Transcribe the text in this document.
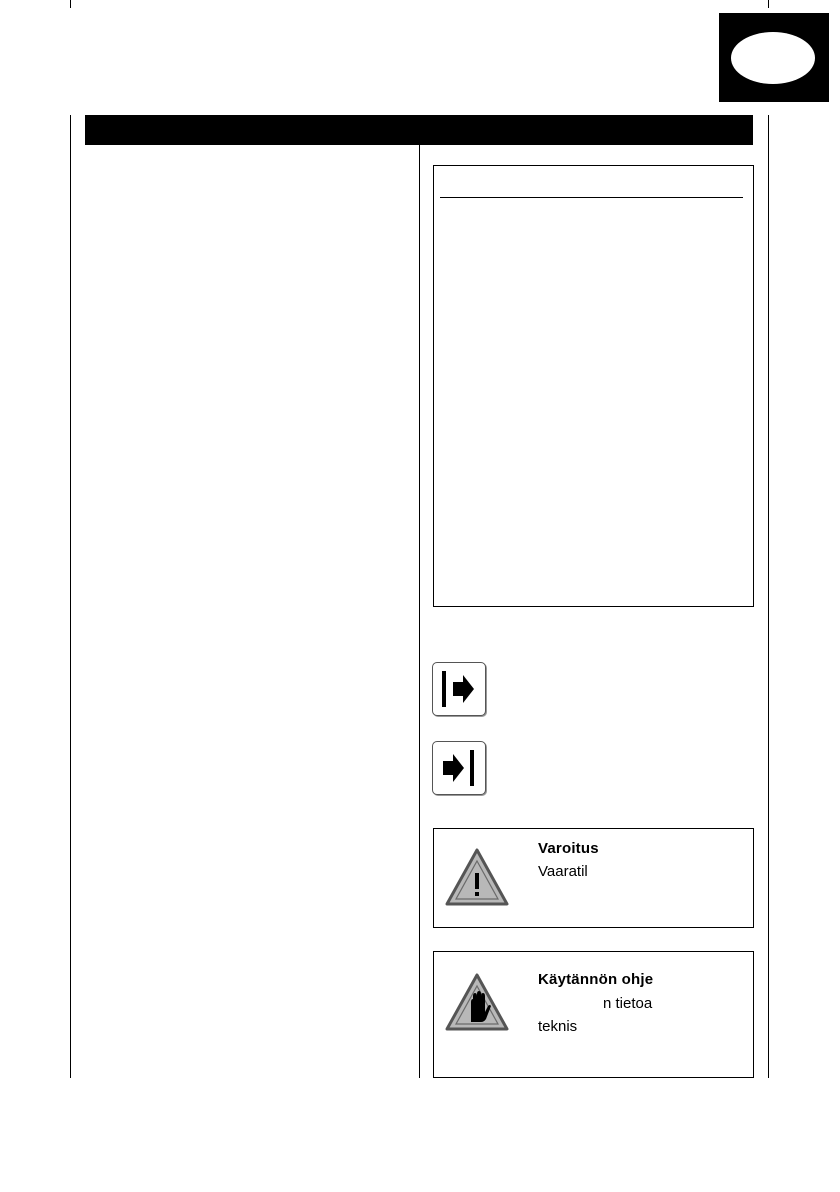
Varoitus
Vaaratil
Käytännön ohje
n tietoa
teknis
